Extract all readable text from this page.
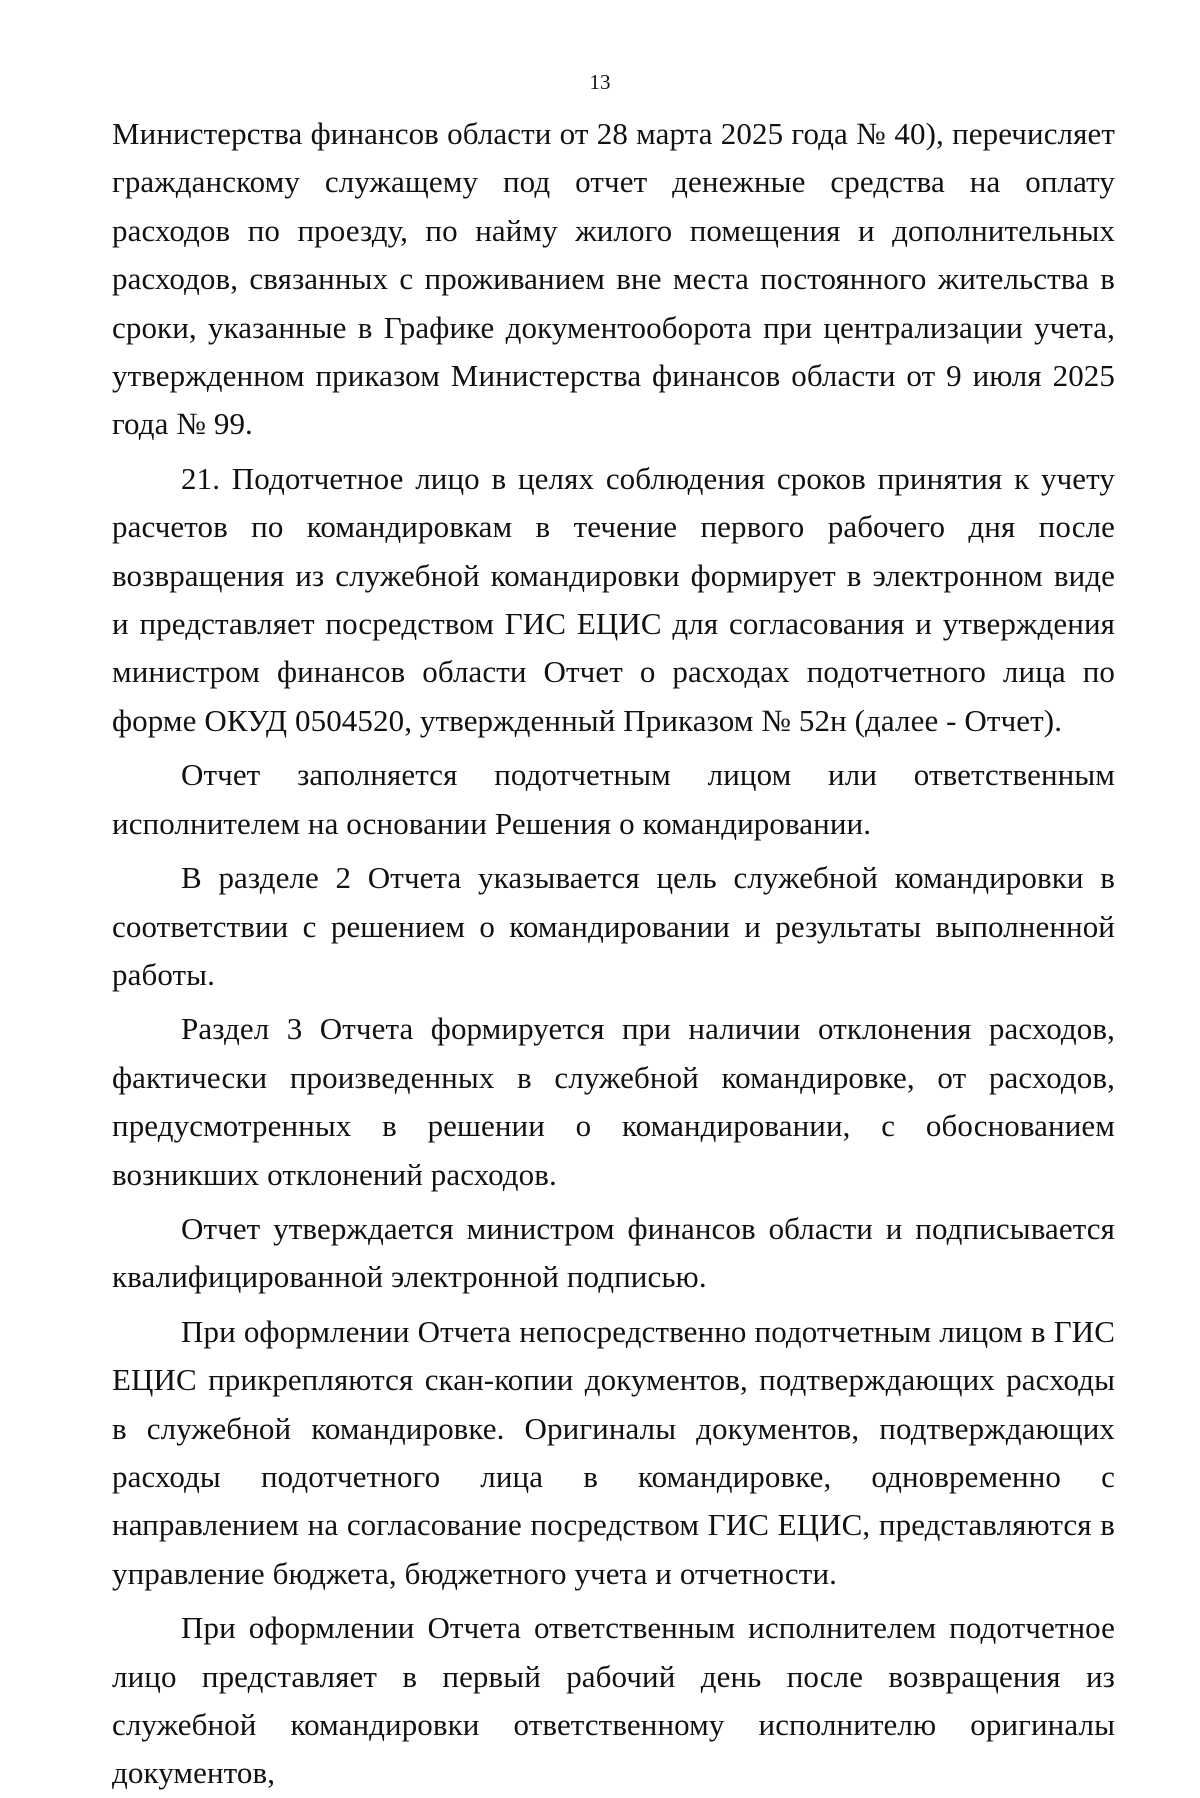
13

Министерства финансов области от 28 марта 2025 года № 40), перечисляет гражданскому служащему под отчет денежные средства на оплату расходов по проезду, по найму жилого помещения и дополнительных расходов, связанных с проживанием вне места постоянного жительства в сроки, указанные в Графике документооборота при централизации учета, утвержденном приказом Министерства финансов области от 9 июля 2025 года № 99.

21. Подотчетное лицо в целях соблюдения сроков принятия к учету расчетов по командировкам в течение первого рабочего дня после возвращения из служебной командировки формирует в электронном виде и представляет посредством ГИС ЕЦИС для согласования и утверждения министром финансов области Отчет о расходах подотчетного лица по форме ОКУД 0504520, утвержденный Приказом № 52н (далее - Отчет).

Отчет заполняется подотчетным лицом или ответственным исполнителем на основании Решения о командировании.

В разделе 2 Отчета указывается цель служебной командировки в соответствии с решением о командировании и результаты выполненной работы.

Раздел 3 Отчета формируется при наличии отклонения расходов, фактически произведенных в служебной командировке, от расходов, предусмотренных в решении о командировании, с обоснованием возникших отклонений расходов.

Отчет утверждается министром финансов области и подписывается квалифицированной электронной подписью.

При оформлении Отчета непосредственно подотчетным лицом в ГИС ЕЦИС прикрепляются скан-копии документов, подтверждающих расходы в служебной командировке. Оригиналы документов, подтверждающих расходы подотчетного лица в командировке, одновременно с направлением на согласование посредством ГИС ЕЦИС, представляются в управление бюджета, бюджетного учета и отчетности.

При оформлении Отчета ответственным исполнителем подотчетное лицо представляет в первый рабочий день после возвращения из служебной командировки ответственному исполнителю оригиналы документов,
